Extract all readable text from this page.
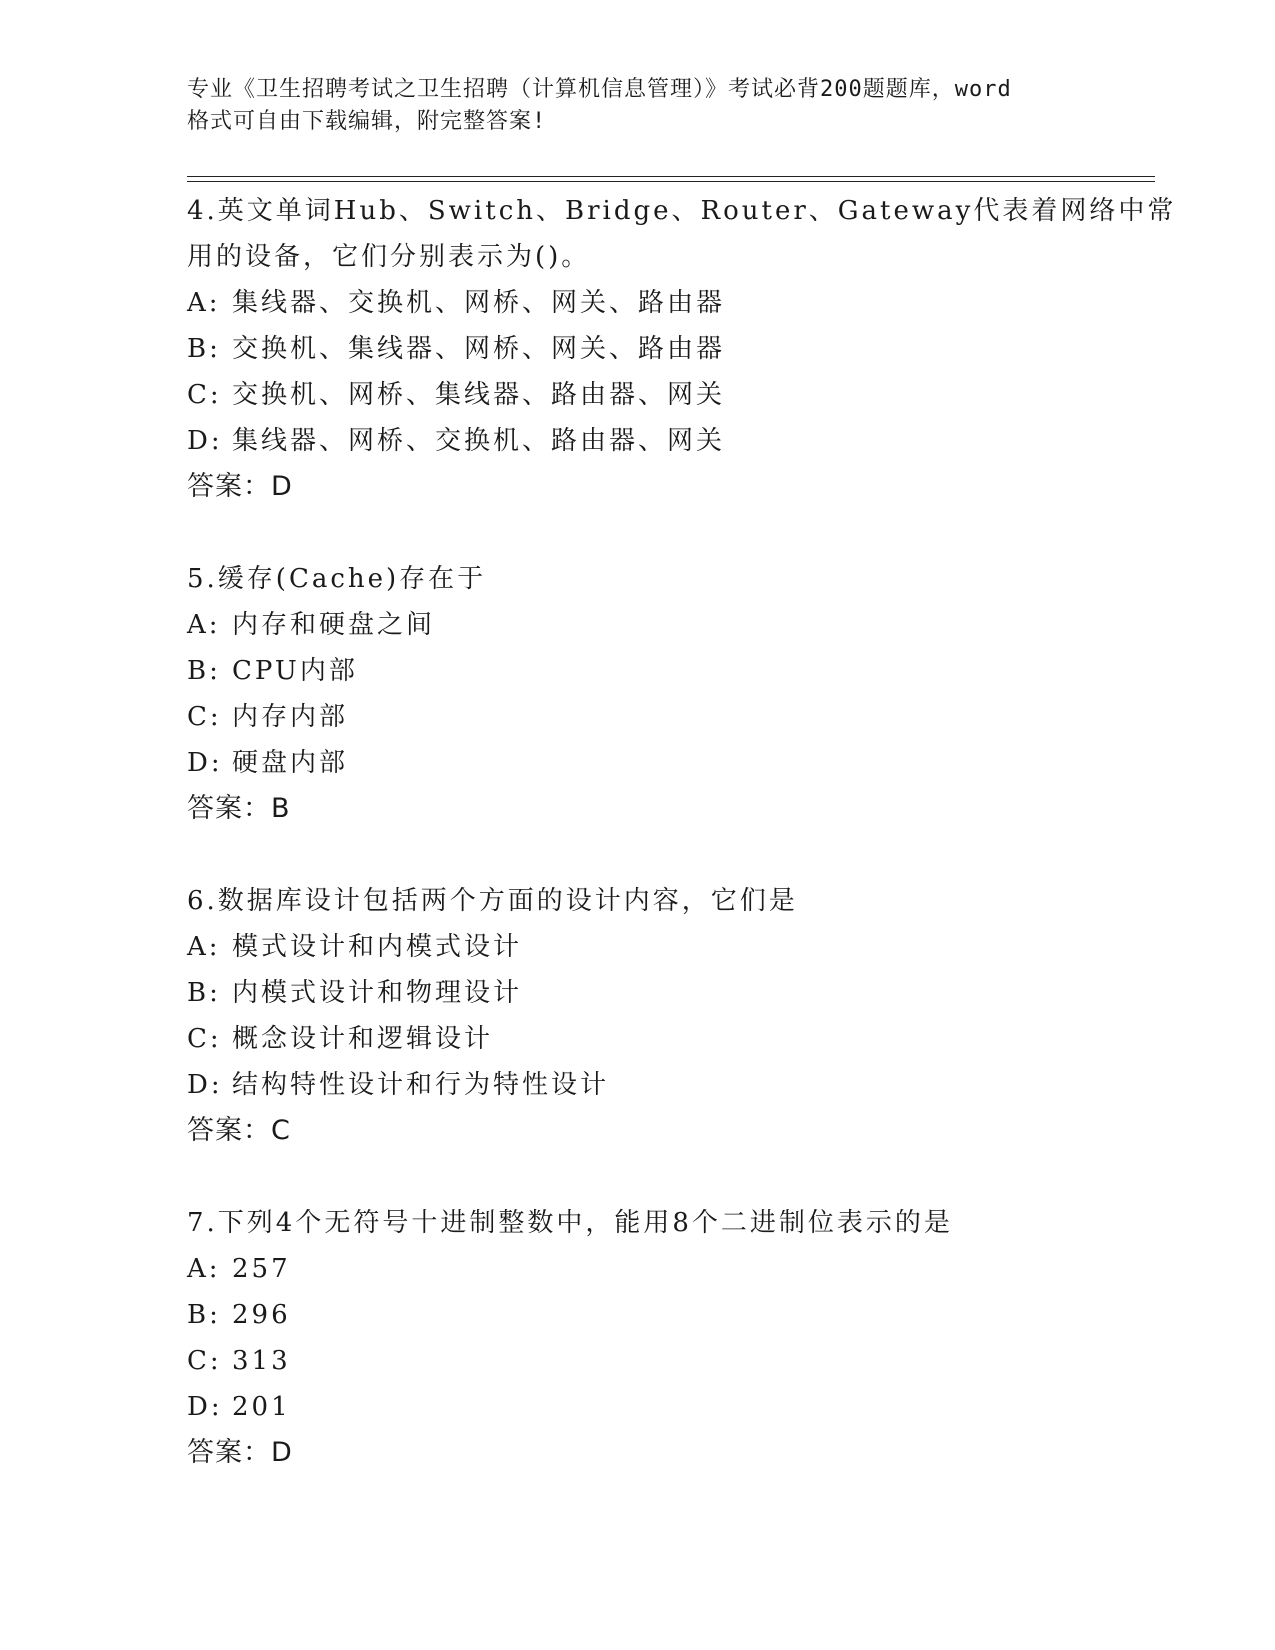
专业《卫生招聘考试之卫生招聘（计算机信息管理）》考试必背200题题库，word
格式可自由下载编辑，附完整答案!
4.英文单词Hub、Switch、Bridge、Router、Gateway代表着网络中常
用的设备，它们分别表示为()。
A: 集线器、交换机、网桥、网关、路由器
B: 交换机、集线器、网桥、网关、路由器
C: 交换机、网桥、集线器、路由器、网关
D: 集线器、网桥、交换机、路由器、网关
答案：D
5.缓存(Cache)存在于
A: 内存和硬盘之间
B: CPU内部
C: 内存内部
D: 硬盘内部
答案：B
6.数据库设计包括两个方面的设计内容，它们是
A: 模式设计和内模式设计
B: 内模式设计和物理设计
C: 概念设计和逻辑设计
D: 结构特性设计和行为特性设计
答案：C
7.下列4个无符号十进制整数中，能用8个二进制位表示的是
A: 257
B: 296
C: 313
D: 201
答案：D
